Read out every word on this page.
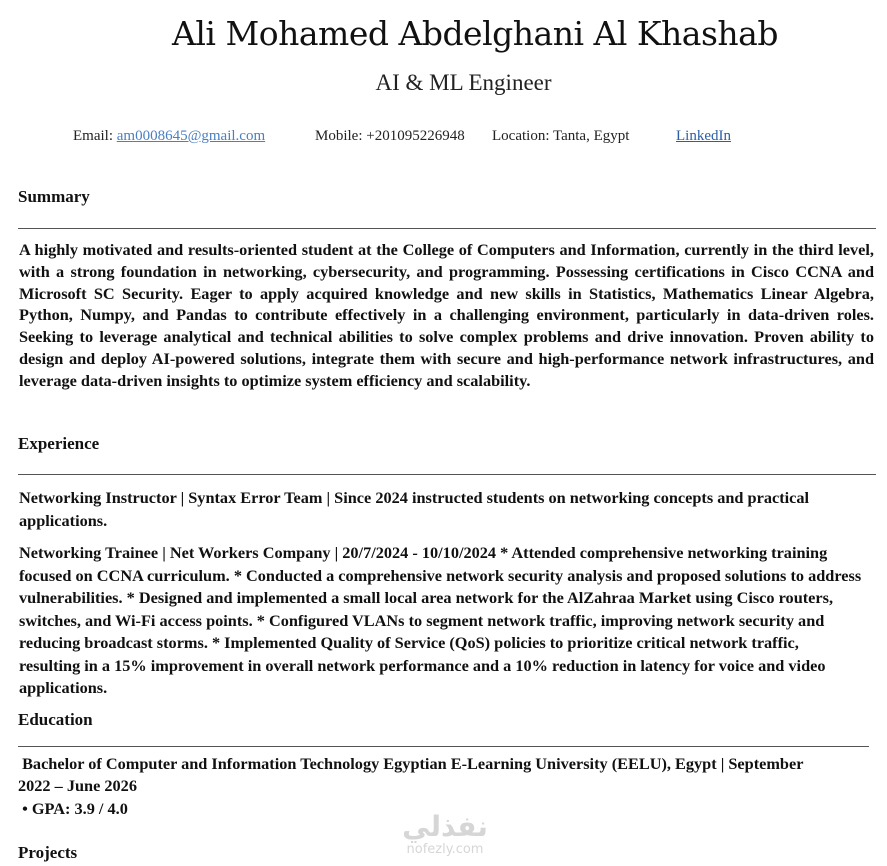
Ali Mohamed Abdelghani Al Khashab
AI & ML Engineer
Email: am0008645@gmail.com	Mobile: +201095226948 Location: Tanta, Egypt	LinkedIn
Summary

A highly motivated and results-oriented student at the College of Computers and Information, currently in the third level, with a strong foundation in networking, cybersecurity, and programming. Possessing certifications in Cisco CCNA and Microsoft SC Security. Eager to apply acquired knowledge and new skills in Statistics, Mathematics Linear Algebra, Python, Numpy, and Pandas to contribute effectively in a challenging environment, particularly in data-driven roles. Seeking to leverage analytical and technical abilities to solve complex problems and drive innovation. Proven ability to design and deploy AI-powered solutions, integrate them with secure and high-performance network infrastructures, and leverage data-driven insights to optimize system efficiency and scalability.

Experience

Networking Instructor | Syntax Error Team | Since 2024 instructed students on networking concepts and practical applications.

Networking Trainee | Net Workers Company | 20/7/2024 - 10/10/2024 * Attended comprehensive networking training focused on CCNA curriculum. * Conducted a comprehensive network security analysis and proposed solutions to address vulnerabilities. * Designed and implemented a small local area network for the AlZahraa Market using Cisco routers, switches, and Wi-Fi access points. * Configured VLANs to segment network traffic, improving network security and reducing broadcast storms. * Implemented Quality of Service (QoS) policies to prioritize critical network traffic, resulting in a 15% improvement in overall network performance and a 10% reduction in latency for voice and video applications.

Education

Bachelor of Computer and Information Technology Egyptian E-Learning University (EELU), Egypt | September 2022 – June 2026

• GPA: 3.9 / 4.0

Projects
نفذلي
nofezly.com
